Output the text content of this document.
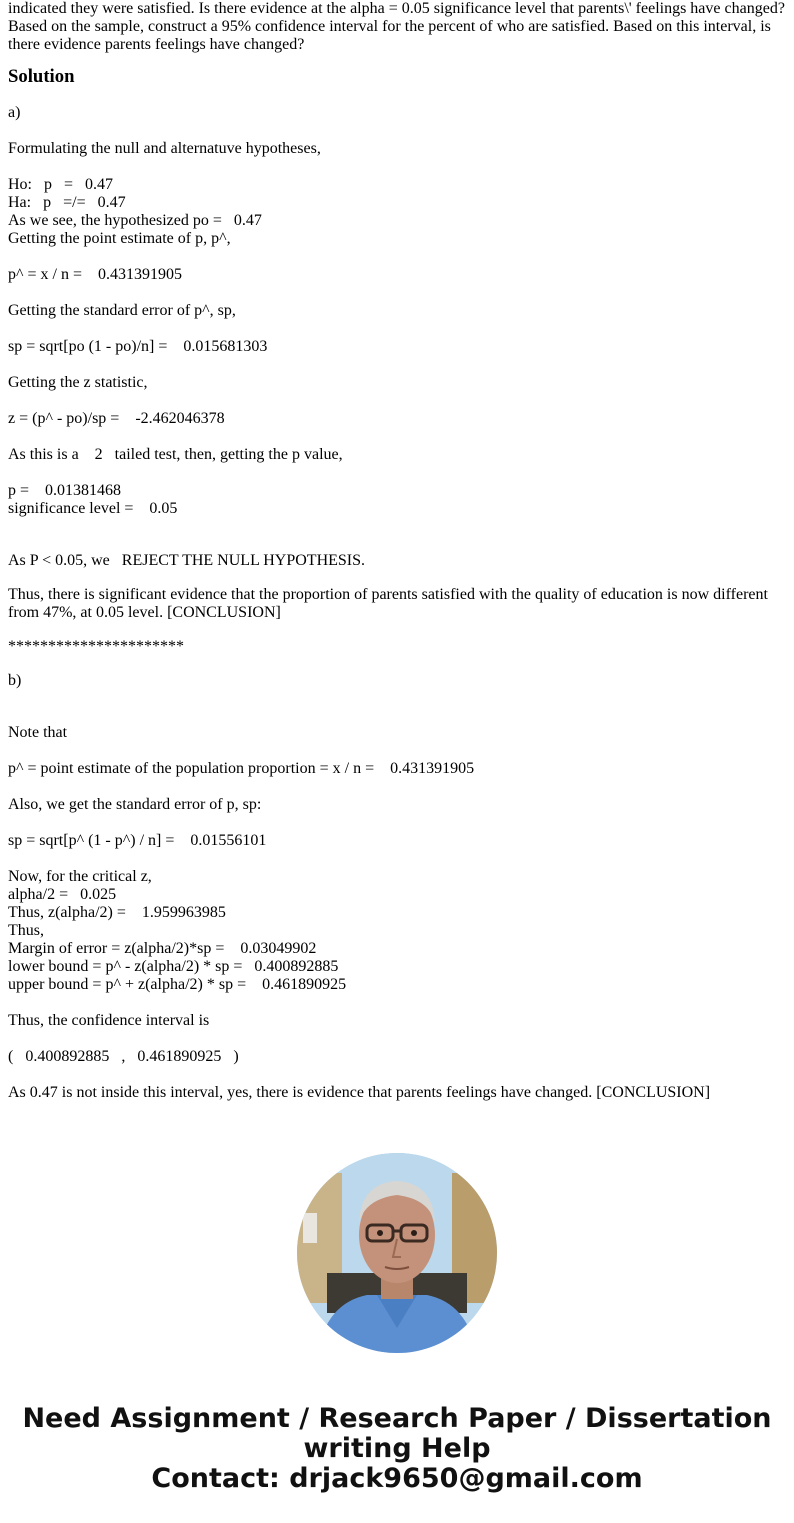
indicated they were satisfied. Is there evidence at the alpha = 0.05 significance level that parents\' feelings have changed? Based on the sample, construct a 95% confidence interval for the percent of who are satisfied. Based on this interval, is there evidence parents feelings have changed?

Solution
a)
Formulating the null and alternatuve hypotheses,
Ho:   p   =   0.47
Ha:   p   =/=   0.47
As we see, the hypothesized po =   0.47
Getting the point estimate of p, p^,
p^ = x / n =    0.431391905
Getting the standard error of p^, sp,
sp = sqrt[po (1 - po)/n] =    0.015681303
Getting the z statistic,
z = (p^ - po)/sp =    -2.462046378
As this is a    2   tailed test, then, getting the p value,
p =    0.01381468
significance level =    0.05
As P < 0.05, we   REJECT THE NULL HYPOTHESIS.

Thus, there is significant evidence that the proportion of parents satisfied with the quality of education is now different from 47%, at 0.05 level. [CONCLUSION]

**********************
b)
Note that
p^ = point estimate of the population proportion = x / n =    0.431391905
Also, we get the standard error of p, sp:
sp = sqrt[p^ (1 - p^) / n] =    0.01556101
Now, for the critical z,
alpha/2 =   0.025
Thus, z(alpha/2) =    1.959963985
Thus,
Margin of error = z(alpha/2)*sp =    0.03049902
lower bound = p^ - z(alpha/2) * sp =   0.400892885
upper bound = p^ + z(alpha/2) * sp =    0.461890925
Thus, the confidence interval is
(   0.400892885   ,   0.461890925   )
As 0.47 is not inside this interval, yes, there is evidence that parents feelings have changed. [CONCLUSION]
Need Assignment / Research Paper / Dissertation
writing Help
Contact: drjack9650@gmail.com
